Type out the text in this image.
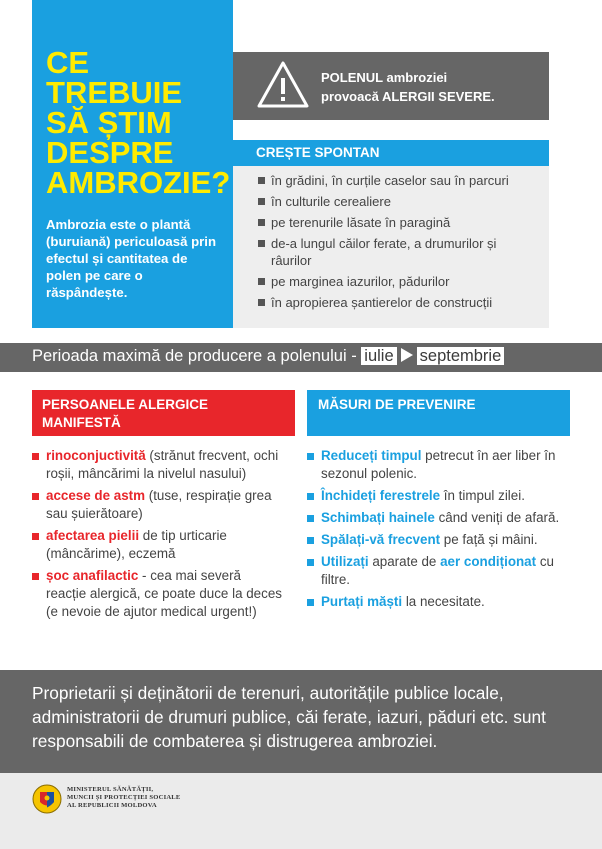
CE
TREBUIE
SĂ ȘTIM
DESPRE
AMBROZIE?

Ambrozia este o plantă (buruiană) periculoasă prin efectul și cantitatea de polen pe care o răspândește.

POLENUL ambroziei
provoacă ALERGII SEVERE.
CREȘTE SPONTAN
în grădini, în curțile caselor sau în parcuri
în culturile cerealiere
pe terenurile lăsate în paragină
de-a lungul căilor ferate, a drumurilor și râurilor
pe marginea iazurilor, pădurilor
în apropierea șantierelor de construcții
Perioada maximă de producere a polenului - iulie septembrie
PERSOANELE ALERGICE MANIFESTĂ
rinoconjuctivită (strănut frecvent, ochi roșii, mâncărimi la nivelul nasului)
accese de astm (tuse, respirație grea sau șuierătoare)
afectarea pielii de tip urticarie (mâncărime), eczemă
șoc anafilactic - cea mai severă reacție alergică, ce poate duce la deces (e nevoie de ajutor medical urgent!)
MĂSURI DE PREVENIRE
Reduceți timpul petrecut în aer liber în sezonul polenic.
Închideți ferestrele în timpul zilei.
Schimbați hainele când veniți de afară.
Spălați-vă frecvent pe față și mâini.
Utilizați aparate de aer condiționat cu filtre.
Purtați măști la necesitate.
Proprietarii și deținătorii de terenuri, autoritățile publice locale, administratorii de drumuri publice, căi ferate, iazuri, păduri etc. sunt responsabili de combaterea și distrugerea ambroziei.
MINISTERUL SĂNĂTĂȚII,
MUNCII ȘI PROTECȚIEI SOCIALE
AL REPUBLICII MOLDOVA
